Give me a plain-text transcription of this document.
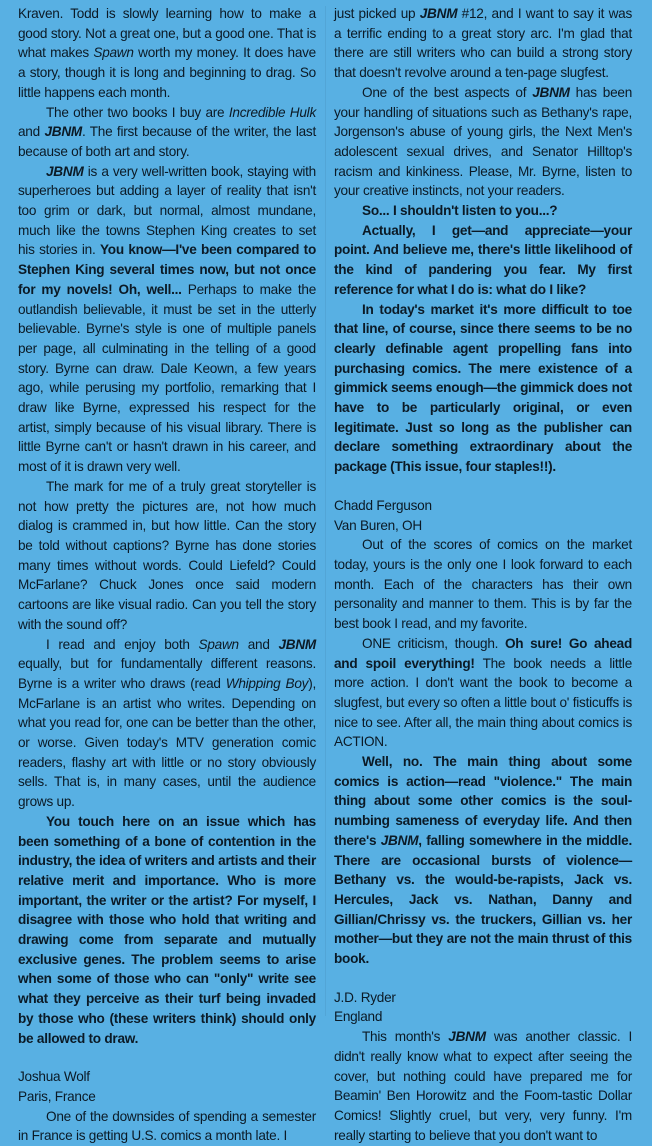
Kraven. Todd is slowly learning how to make a good story. Not a great one, but a good one. That is what makes Spawn worth my money. It does have a story, though it is long and beginning to drag. So little happens each month.

The other two books I buy are Incredible Hulk and JBNM. The first because of the writer, the last because of both art and story.

JBNM is a very well-written book, staying with superheroes but adding a layer of reality that isn't too grim or dark, but normal, almost mundane, much like the towns Stephen King creates to set his stories in. You know—I've been compared to Stephen King several times now, but not once for my novels! Oh, well... Perhaps to make the outlandish believable, it must be set in the utterly believable. Byrne's style is one of multiple panels per page, all culminating in the telling of a good story. Byrne can draw. Dale Keown, a few years ago, while perusing my portfolio, remarking that I draw like Byrne, expressed his respect for the artist, simply because of his visual library. There is little Byrne can't or hasn't drawn in his career, and most of it is drawn very well.

The mark for me of a truly great storyteller is not how pretty the pictures are, not how much dialog is crammed in, but how little. Can the story be told without captions? Byrne has done stories many times without words. Could Liefeld? Could McFarlane? Chuck Jones once said modern cartoons are like visual radio. Can you tell the story with the sound off?

I read and enjoy both Spawn and JBNM equally, but for fundamentally different reasons. Byrne is a writer who draws (read Whipping Boy), McFarlane is an artist who writes. Depending on what you read for, one can be better than the other, or worse. Given today's MTV generation comic readers, flashy art with little or no story obviously sells. That is, in many cases, until the audience grows up.

You touch here on an issue which has been something of a bone of contention in the industry, the idea of writers and artists and their relative merit and importance. Who is more important, the writer or the artist? For myself, I disagree with those who hold that writing and drawing come from separate and mutually exclusive genes. The problem seems to arise when some of those who can "only" write see what they perceive as their turf being invaded by those who (these writers think) should only be allowed to draw.

Joshua Wolf
Paris, France

One of the downsides of spending a semester in France is getting U.S. comics a month late. I

just picked up JBNM #12, and I want to say it was a terrific ending to a great story arc. I'm glad that there are still writers who can build a strong story that doesn't revolve around a ten-page slugfest.

One of the best aspects of JBNM has been your handling of situations such as Bethany's rape, Jorgenson's abuse of young girls, the Next Men's adolescent sexual drives, and Senator Hilltop's racism and kinkiness. Please, Mr. Byrne, listen to your creative instincts, not your readers.

So... I shouldn't listen to you...?

Actually, I get—and appreciate—your point. And believe me, there's little likelihood of the kind of pandering you fear. My first reference for what I do is: what do I like?

In today's market it's more difficult to toe that line, of course, since there seems to be no clearly definable agent propelling fans into purchasing comics. The mere existence of a gimmick seems enough—the gimmick does not have to be particularly original, or even legitimate. Just so long as the publisher can declare something extraordinary about the package (This issue, four staples!!).

Chadd Ferguson
Van Buren, OH

Out of the scores of comics on the market today, yours is the only one I look forward to each month. Each of the characters has their own personality and manner to them. This is by far the best book I read, and my favorite.

ONE criticism, though. Oh sure! Go ahead and spoil everything! The book needs a little more action. I don't want the book to become a slugfest, but every so often a little bout o' fisticuffs is nice to see. After all, the main thing about comics is ACTION.

Well, no. The main thing about some comics is action—read "violence." The main thing about some other comics is the soul-numbing sameness of everyday life. And then there's JBNM, falling somewhere in the middle. There are occasional bursts of violence—Bethany vs. the would-be-rapists, Jack vs. Hercules, Jack vs. Nathan, Danny and Gillian/Chrissy vs. the truckers, Gillian vs. her mother—but they are not the main thrust of this book.

J.D. Ryder
England

This month's JBNM was another classic. I didn't really know what to expect after seeing the cover, but nothing could have prepared me for Beamin' Ben Horowitz and the Foom-tastic Dollar Comics! Slightly cruel, but very, very funny. I'm really starting to believe that you don't want to
